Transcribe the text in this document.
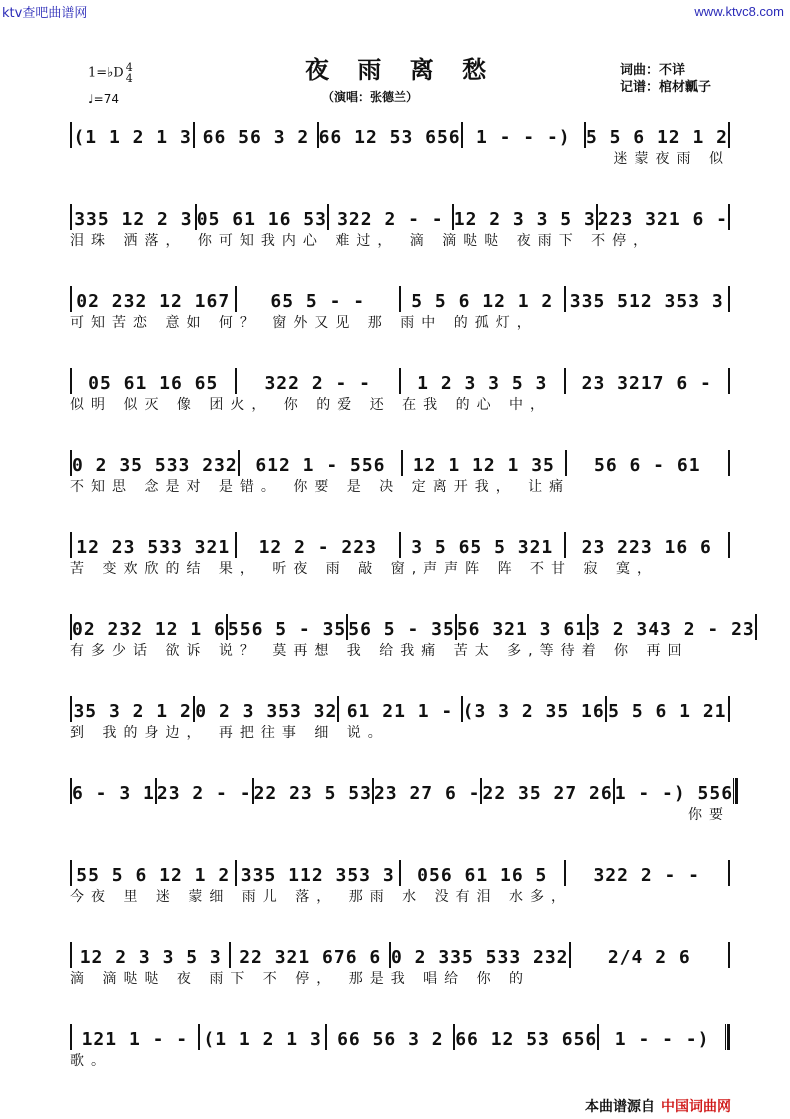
ktv查吧曲谱网	www.ktvc8.com
夜 雨 离 愁
（演唱：张德兰）
1=♭D 4
4
♩=74
词曲：不详
记谱：棺材瓤子
(1 1 2 1 3 66 56 3 2 66 12 53 656 1 - - -) 5 5 6 12 1 2
迷蒙夜雨 似
335 12 2 3 05 61 16 53 322 2 - - 12 2 3 3 5 3 223 321 6 -
泪珠 洒落， 你可知我内心 难过， 滴 滴哒哒 夜雨下 不停，
02 232 12 167	65 5 - -	5 5 6 12 1 2 335 512 353 3
可知苦恋 意如 何？ 窗外又见 那 雨中 的孤灯，
05 61 16 65	322 2 - -	1 2 3 3 5 3	23 3217 6 -
似明 似灭 像 团火， 你 的爱 还 在我 的心 中，
0 2 35 533 232 612 1 - 556	12 1 12 1 35	56 6 - 61
不知思 念是对 是错。 你要 是 决 定离开我， 让痛
12 23 533 321	12 2 - 223	3 5 65 5 321	23 223 16 6
苦 变欢欣的结 果， 听夜 雨 敲 窗,声声阵 阵 不甘 寂 寞，
02 232 12 1 6 556 5 - 35 56 5 - 35 56 321 3 61 3 2 343 2 - 23
有多少话 欲诉 说？ 莫再想 我 给我痛 苦太 多,等待着 你 再回
35 3 2 1 2 0 2 3 353 32 61 21 1 - (3 3 2 35 16 5 5 6 1 21
到 我的身边， 再把往事 细 说。
6 - 3 1 23 2 - - 22 23 5 53 23 27 6 - 22 35 27 26 1 - -) 556
你要
55 5 6 12 1 2 335 112 353 3	056 61 16 5	322 2 - -
今夜 里 迷 蒙细 雨儿 落， 那雨 水 没有泪 水多，
12 2 3 3 5 3 22 321 676 6 0 2 335 533 232	2/4 2 6
滴 滴哒哒 夜 雨下 不 停， 那是我 唱给 你 的
121 1 - - (1 1 2 1 3 66 56 3 2 66 12 53 656 1 - - -)
歌。
本曲谱源自 中国词曲网
